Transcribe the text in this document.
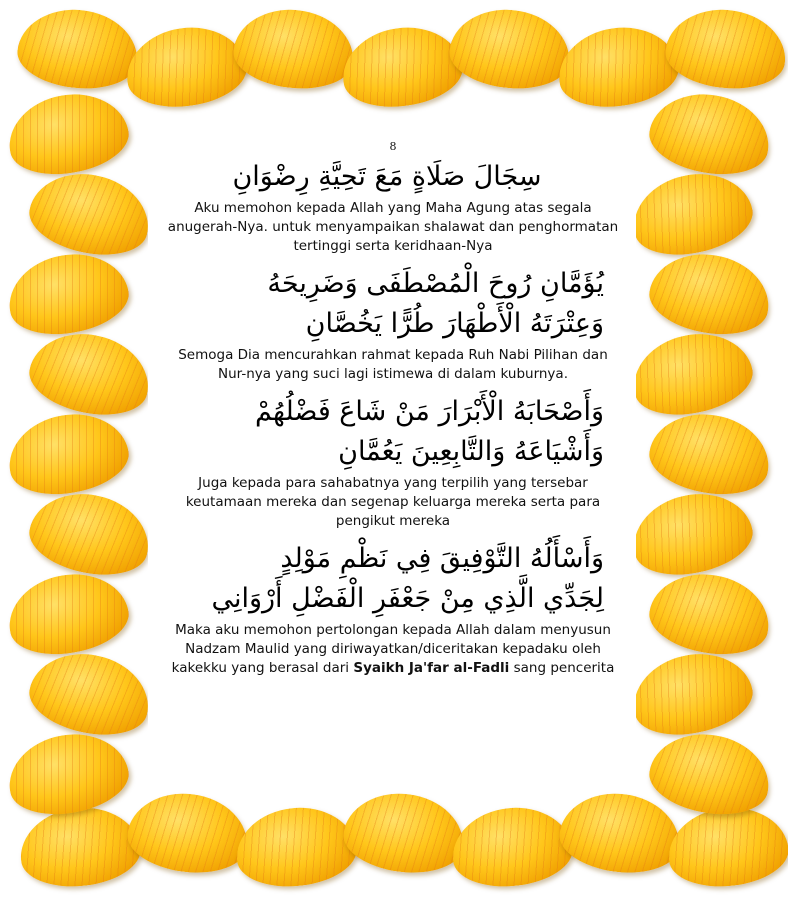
8
سِجَالَ صَلَاةٍ مَعَ تَحِيَّةِ رِضْوَانِ
Aku memohon kepada Allah yang Maha Agung atas segala anugerah-Nya. untuk menyampaikan shalawat dan penghormatan tertinggi serta keridhaan-Nya
يُؤَمَّانِ رُوحَ الْمُصْطَفَى وَضَرِيحَهُ
وَعِتْرَتَهُ الْأَطْهَارَ طُرًّا يَخُصَّانِ
Semoga Dia mencurahkan rahmat kepada Ruh Nabi Pilihan dan Nur-nya yang suci lagi istimewa di dalam kuburnya.
وَأَصْحَابَهُ الْأَبْرَارَ مَنْ شَاعَ فَضْلُهُمْ
وَأَشْيَاعَهُ وَالتَّابِعِينَ يَعُمَّانِ
Juga kepada para sahabatnya yang terpilih yang tersebar keutamaan mereka dan segenap keluarga mereka serta para pengikut mereka
وَأَسْأَلُهُ التَّوْفِيقَ فِي نَظْمِ مَوْلِدٍ
لِجَدِّي الَّذِي مِنْ جَعْفَرِ الْفَضْلِ أَرْوَانِي
Maka aku memohon pertolongan kepada Allah dalam menyusun Nadzam Maulid yang diriwayatkan/diceritakan kepadaku oleh kakekku yang berasal dari Syaikh Ja'far al-Fadli sang pencerita
